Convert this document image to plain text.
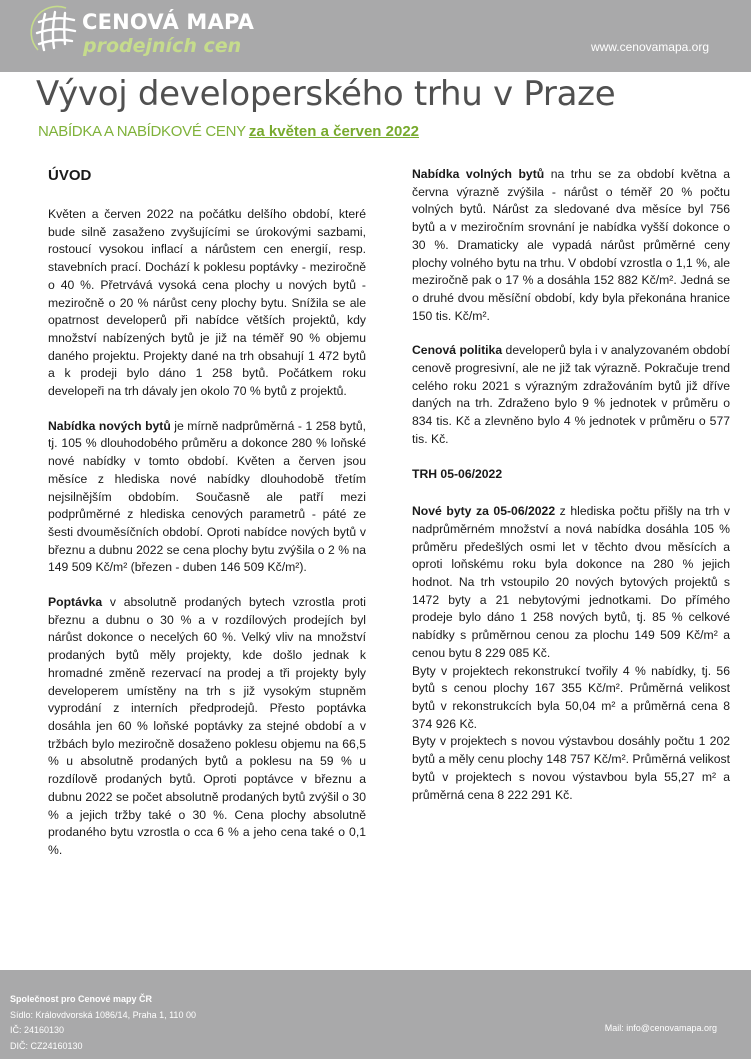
CENOVÁ MAPA
prodejních cen	www.cenovamapa.org
Vývoj developerského trhu v Praze
NABÍDKA A NABÍDKOVÉ CENY za květen a červen 2022
ÚVOD

Květen a červen 2022 na počátku delšího období, které bude silně zasaženo zvyšujícími se úrokovými sazbami, rostoucí vysokou inflací a nárůstem cen energií, resp. stavebních prací. Dochází k poklesu poptávky - meziročně o 40 %. Přetrvává vysoká cena plochy u nových bytů - meziročně o 20 % nárůst ceny plochy bytu. Snížila se ale opatrnost developerů při nabídce větších projektů, kdy množství nabízených bytů je již na téměř 90 % objemu daného projektu. Projekty dané na trh obsahují 1 472 bytů a k prodeji bylo dáno 1 258 bytů. Počátkem roku developeři na trh dávaly jen okolo 70 % bytů z projektů.

Nabídka nových bytů je mírně nadprůměrná - 1 258 bytů, tj. 105 % dlouhodobého průměru a dokonce 280 % loňské nové nabídky v tomto období. Květen a červen jsou měsíce z hlediska nové nabídky dlouhodobě třetím nejsilnějším obdobím. Současně ale patří mezi podprůměrné z hlediska cenových parametrů - páté ze šesti dvouměsíčních období. Oproti nabídce nových bytů v březnu a dubnu 2022 se cena plochy bytu zvýšila o 2 % na 149 509 Kč/m² (březen - duben 146 509 Kč/m²).

Poptávka v absolutně prodaných bytech vzrostla proti březnu a dubnu o 30 % a v rozdílových prodejích byl nárůst dokonce o necelých 60 %. Velký vliv na množství prodaných bytů měly projekty, kde došlo jednak k hromadné změně rezervací na prodej a tři projekty byly developerem umístěny na trh s již vysokým stupněm vyprodání z interních předprodejů. Přesto poptávka dosáhla jen 60 % loňské poptávky za stejné období a v tržbách bylo meziročně dosaženo poklesu objemu na 66,5 % u absolutně prodaných bytů a poklesu na 59 % u rozdílově prodaných bytů. Oproti poptávce v březnu a dubnu 2022 se počet absolutně prodaných bytů zvýšil o 30 % a jejich tržby také o 30 %. Cena plochy absolutně prodaného bytu vzrostla o cca 6 % a jeho cena také o 0,1 %.

Nabídka volných bytů na trhu se za období května a června výrazně zvýšila - nárůst o téměř 20 % počtu volných bytů. Nárůst za sledované dva měsíce byl 756 bytů a v meziročním srovnání je nabídka vyšší dokonce o 30 %. Dramaticky ale vypadá nárůst průměrné ceny plochy volného bytu na trhu. V období vzrostla o 1,1 %, ale meziročně pak o 17 % a dosáhla 152 882 Kč/m². Jedná se o druhé dvou měsíční období, kdy byla překonána hranice 150 tis. Kč/m².

Cenová politika developerů byla i v analyzovaném období cenově progresivní, ale ne již tak výrazně. Pokračuje trend celého roku 2021 s výrazným zdražováním bytů již dříve daných na trh. Zdraženo bylo 9 % jednotek v průměru o 834 tis. Kč a zlevněno bylo 4 % jednotek v průměru o 577 tis. Kč.

TRH 05-06/2022

Nové byty za 05-06/2022 z hlediska počtu přišly na trh v nadprůměrném množství a nová nabídka dosáhla 105 % průměru předešlých osmi let v těchto dvou měsících a oproti loňskému roku byla dokonce na 280 % jejich hodnot. Na trh vstoupilo 20 nových bytových projektů s 1472 byty a 21 nebytovými jednotkami. Do přímého prodeje bylo dáno 1 258 nových bytů, tj. 85 % celkové nabídky s průměrnou cenou za plochu 149 509 Kč/m² a cenou bytu 8 229 085 Kč.

Byty v projektech rekonstrukcí tvořily 4 % nabídky, tj. 56 bytů s cenou plochy 167 355 Kč/m². Průměrná velikost bytů v rekonstrukcích byla 50,04 m² a průměrná cena 8 374 926 Kč.

Byty v projektech s novou výstavbou dosáhly počtu 1 202 bytů a měly cenu plochy 148 757 Kč/m². Průměrná velikost bytů v projektech s novou výstavbou byla 55,27 m² a průměrná cena 8 222 291 Kč.

Společnost pro Cenové mapy ČR
Sídlo: Královdvorská 1086/14, Praha 1, 110 00
IČ: 24160130
DIČ: CZ24160130
Mail: info@cenovamapa.org
